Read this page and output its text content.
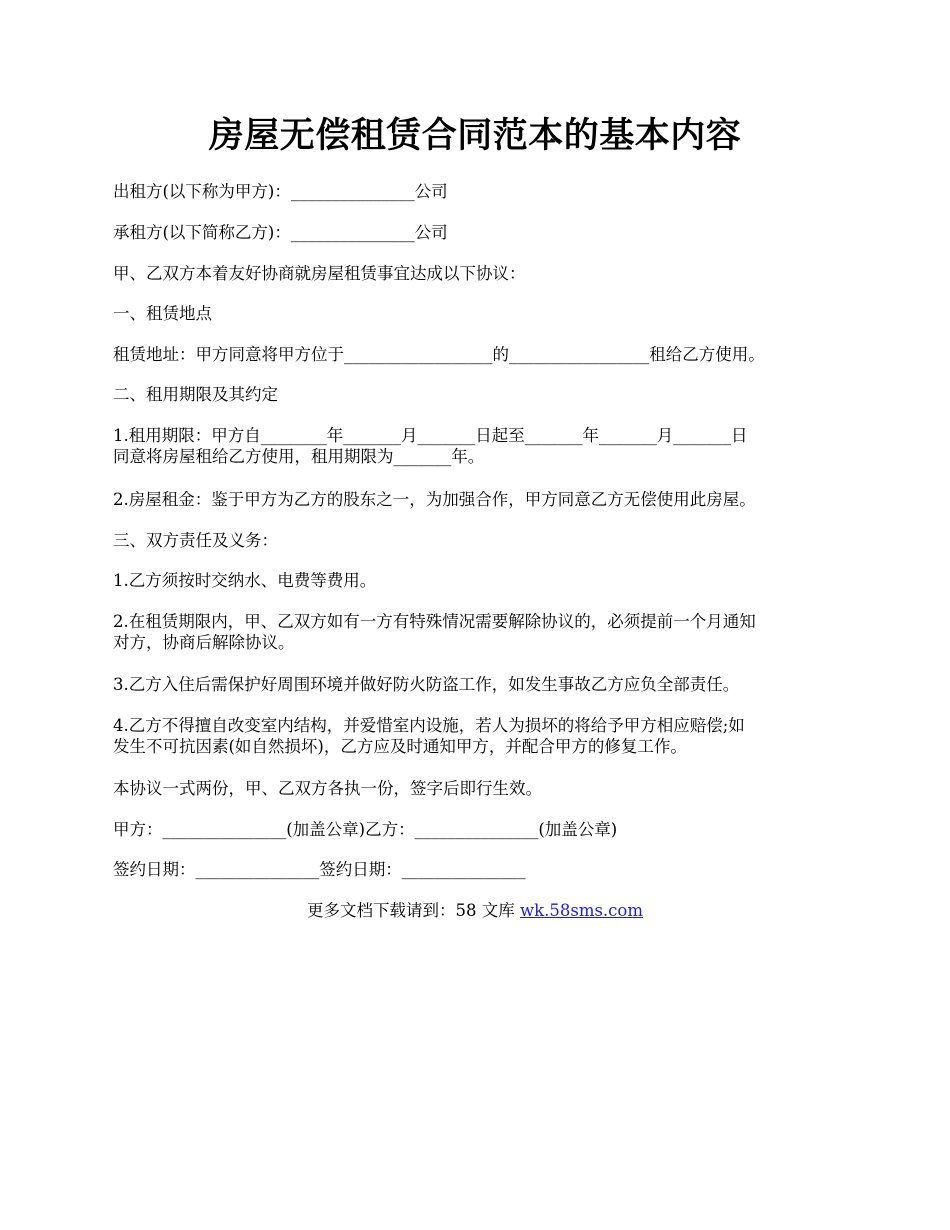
房屋无偿租赁合同范本的基本内容

出租方(以下称为甲方)：_______________公司

承租方(以下简称乙方)：_______________公司

甲、乙双方本着友好协商就房屋租赁事宜达成以下协议：

一、租赁地点

租赁地址：甲方同意将甲方位于__________________的_________________租给乙方使用。

二、租用期限及其约定

1.租用期限：甲方自________年_______月_______日起至_______年_______月_______日
同意将房屋租给乙方使用，租用期限为_______年。

2.房屋租金：鉴于甲方为乙方的股东之一，为加强合作，甲方同意乙方无偿使用此房屋。

三、双方责任及义务：

1.乙方须按时交纳水、电费等费用。

2.在租赁期限内，甲、乙双方如有一方有特殊情况需要解除协议的，必须提前一个月通知
对方，协商后解除协议。

3.乙方入住后需保护好周围环境并做好防火防盗工作，如发生事故乙方应负全部责任。

4.乙方不得擅自改变室内结构，并爱惜室内设施，若人为损坏的将给予甲方相应赔偿;如
发生不可抗因素(如自然损坏)，乙方应及时通知甲方，并配合甲方的修复工作。

本协议一式两份，甲、乙双方各执一份，签字后即行生效。

甲方：_______________(加盖公章)乙方：_______________(加盖公章)

签约日期：_______________签约日期：_______________

更多文档下载请到：58 文库 wk.58sms.com
